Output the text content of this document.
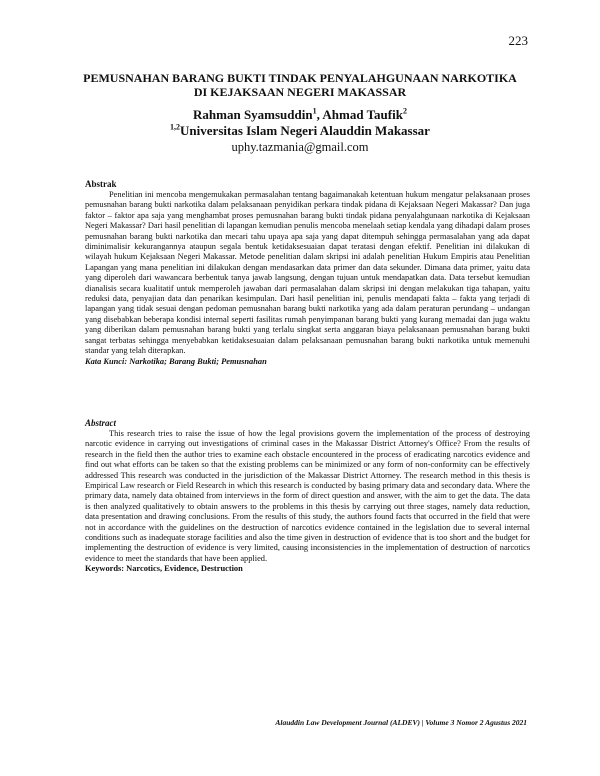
223
PEMUSNAHAN BARANG BUKTI TINDAK PENYALAHGUNAAN NARKOTIKA
DI KEJAKSAAN NEGERI MAKASSAR
Rahman Syamsuddin$^1$, Ahmad Taufik$^2$
$^{1,2}$Universitas Islam Negeri Alauddin Makassar
uphy.tazmania@gmail.com
Abstrak

Penelitian ini mencoba mengemukakan permasalahan tentang bagaimanakah ketentuan hukum mengatur pelaksanaan proses pemusnahan barang bukti narkotika dalam pelaksanaan penyidikan perkara tindak pidana di Kejaksaan Negeri Makassar? Dan juga faktor – faktor apa saja yang menghambat proses pemusnahan barang bukti tindak pidana penyalahgunaan narkotika di Kejaksaan Negeri Makassar? Dari hasil penelitian di lapangan kemudian penulis mencoba menelaah setiap kendala yang dihadapi dalam proses pemusnahan barang bukti narkotika dan mecari tahu upaya apa saja yang dapat ditempuh sehingga permasalahan yang ada dapat diminimalisir kekurangannya ataupun segala bentuk ketidaksesuaian dapat teratasi dengan efektif. Penelitian ini dilakukan di wilayah hukum Kejaksaan Negeri Makassar. Metode penelitian dalam skripsi ini adalah penelitian Hukum Empiris atau Penelitian Lapangan yang mana penelitian ini dilakukan dengan mendasarkan data primer dan data sekunder. Dimana data primer, yaitu data yang diperoleh dari wawancara berbentuk tanya jawab langsung, dengan tujuan untuk mendapatkan data. Data tersebut kemudian dianalisis secara kualitatif untuk memperoleh jawaban dari permasalahan dalam skripsi ini dengan melakukan tiga tahapan, yaitu reduksi data, penyajian data dan penarikan kesimpulan. Dari hasil penelitian ini, penulis mendapati fakta – fakta yang terjadi di lapangan yang tidak sesuai dengan pedoman pemusnahan barang bukti narkotika yang ada dalam peraturan perundang – undangan yang disebabkan beberapa kondisi internal seperti fasilitas rumah penyimpanan barang bukti yang kurang memadai dan juga waktu yang diberikan dalam pemusnahan barang bukti yang terlalu singkat serta anggaran biaya pelaksanaan pemusnahan barang bukti sangat terbatas sehingga menyebabkan ketidaksesuaian dalam pelaksanaan pemusnahan barang bukti narkotika untuk memenuhi standar yang telah diterapkan.

Kata Kunci: Narkotika; Barang Bukti; Pemusnahan

Abstract

This research tries to raise the issue of how the legal provisions govern the implementation of the process of destroying narcotic evidence in carrying out investigations of criminal cases in the Makassar District Attorney's Office? From the results of research in the field then the author tries to examine each obstacle encountered in the process of eradicating narcotics evidence and find out what efforts can be taken so that the existing problems can be minimized or any form of non-conformity can be effectively addressed This research was conducted in the jurisdiction of the Makassar District Attorney. The research method in this thesis is Empirical Law research or Field Research in which this research is conducted by basing primary data and secondary data. Where the primary data, namely data obtained from interviews in the form of direct question and answer, with the aim to get the data. The data is then analyzed qualitatively to obtain answers to the problems in this thesis by carrying out three stages, namely data reduction, data presentation and drawing conclusions. From the results of this study, the authors found facts that occurred in the field that were not in accordance with the guidelines on the destruction of narcotics evidence contained in the legislation due to several internal conditions such as inadequate storage facilities and also the time given in destruction of evidence that is too short and the budget for implementing the destruction of evidence is very limited, causing inconsistencies in the implementation of destruction of narcotics evidence to meet the standards that have been applied.

Keywords: Narcotics, Evidence, Destruction

Alauddin Law Development Journal (ALDEV) | Volume 3 Nomor 2 Agustus 2021
